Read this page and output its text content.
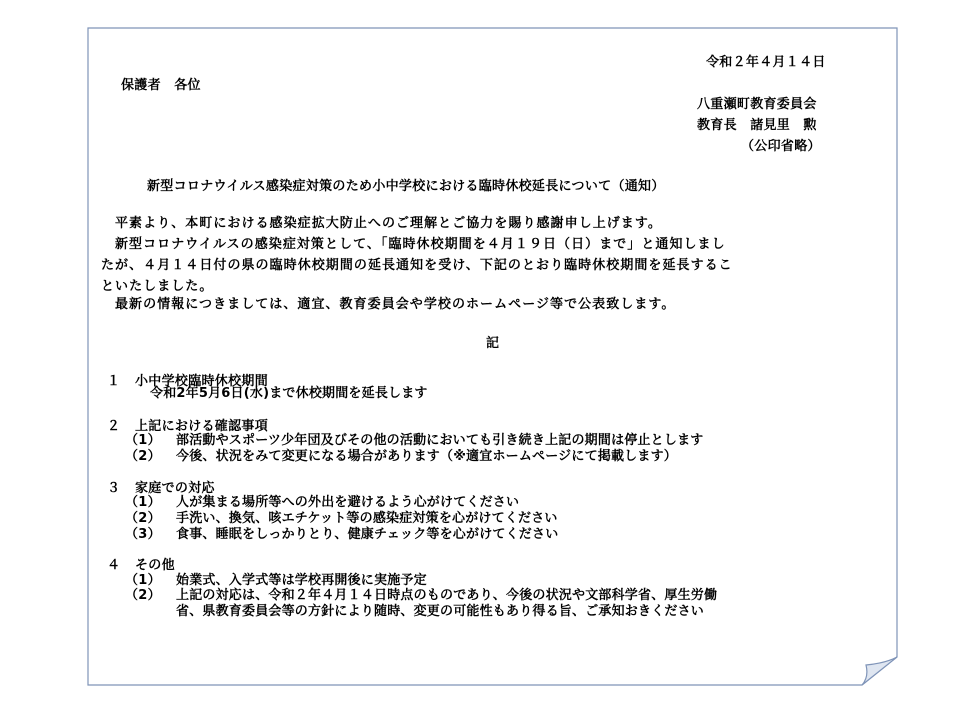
令和２年４月１４日
保護者　各位
八重瀬町教育委員会
教育長　諸見里　勲
（公印省略）
新型コロナウイルス感染症対策のため小中学校における臨時休校延長について（通知）
平素より、本町における感染症拡大防止へのご理解とご協力を賜り感謝申し上げます。
新型コロナウイルスの感染症対策として、「臨時休校期間を４月１９日（日）まで」と通知しまし
たが、４月１４日付の県の臨時休校期間の延長通知を受け、下記のとおり臨時休校期間を延長するこ
といたしました。
最新の情報につきましては、適宜、教育委員会や学校のホームページ等で公表致します。
記
１ 小中学校臨時休校期間
令和2年5月6日(水)まで休校期間を延長します
２ 上記における確認事項
（1） 部活動やスポーツ少年団及びその他の活動においても引き続き上記の期間は停止とします
（2） 今後、状況をみて変更になる場合があります（※適宜ホームページにて掲載します）
３ 家庭での対応
（1） 人が集まる場所等への外出を避けるよう心がけてください
（2） 手洗い、換気、咳エチケット等の感染症対策を心がけてください
（3） 食事、睡眠をしっかりとり、健康チェック等を心がけてください
４ その他
（1） 始業式、入学式等は学校再開後に実施予定
（2） 上記の対応は、令和２年４月１４日時点のものであり、今後の状況や文部科学省、厚生労働
省、県教育委員会等の方針により随時、変更の可能性もあり得る旨、ご承知おきください
